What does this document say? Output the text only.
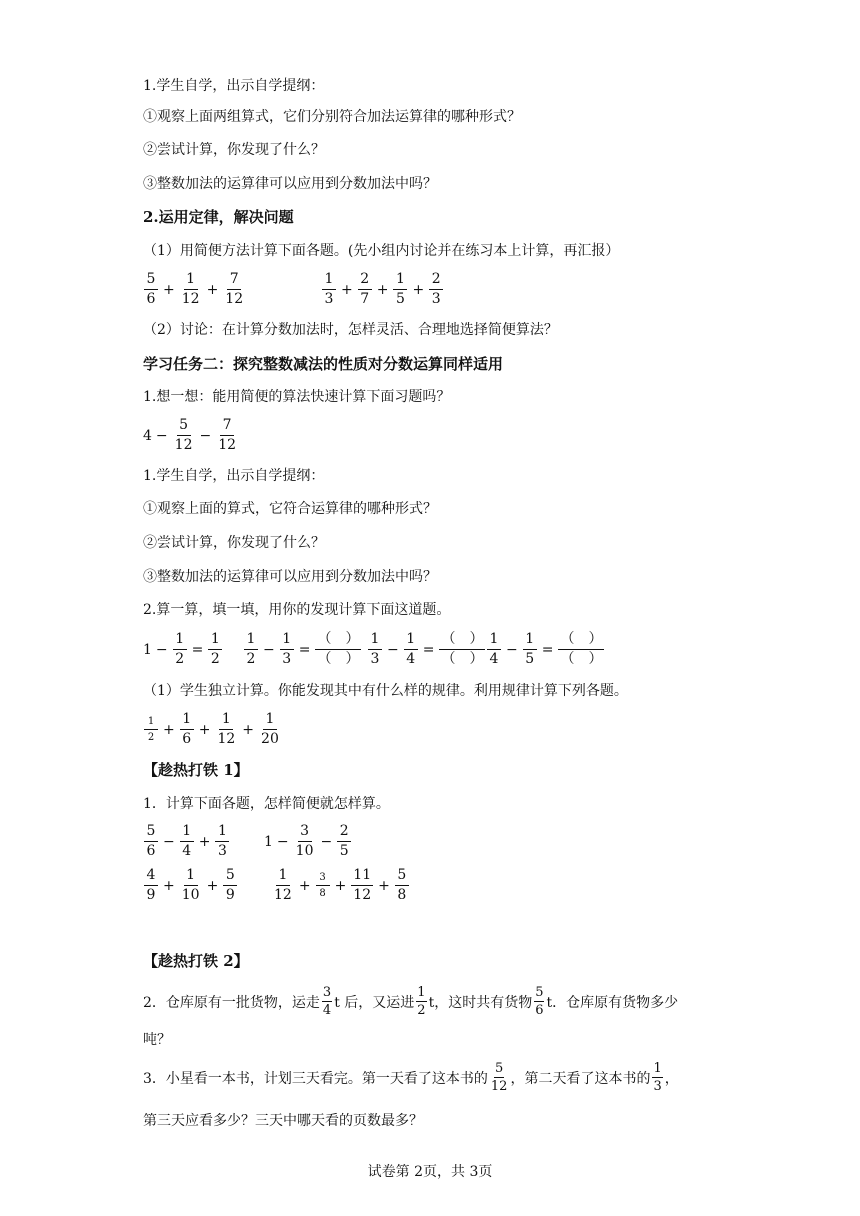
1.学生自学，出示自学提纲：
①观察上面两组算式，它们分别符合加法运算律的哪种形式？
②尝试计算，你发现了什么？
③整数加法的运算律可以应用到分数加法中吗？
2.运用定律，解决问题
（1）用简便方法计算下面各题。(先小组内讨论并在练习本上计算，再汇报）
$\frac{5}{6} + \frac{1}{12} + \frac{7}{12}$	$\frac{1}{3} + \frac{2}{7} + \frac{1}{5} + \frac{2}{3}$
（2）讨论：在计算分数加法时，怎样灵活、合理地选择简便算法？
学习任务二：探究整数减法的性质对分数运算同样适用
1.想一想：能用简便的算法快速计算下面习题吗？
$4 - \frac{5}{12} - \frac{7}{12}$
1.学生自学，出示自学提纲：
①观察上面的算式，它符合运算律的哪种形式？
②尝试计算，你发现了什么？
③整数加法的运算律可以应用到分数加法中吗？
2.算一算，填一填，用你的发现计算下面这道题。
$1 - \frac{1}{2} = \frac{1}{2} \frac{1}{2} - \frac{1}{3} = \frac{( )}{( )} \frac{1}{3} - \frac{1}{4} = \frac{( )}{( )} \frac{1}{4} - \frac{1}{5} = \frac{( )}{( )}$
（1）学生独立计算。你能发现其中有什么样的规律。利用规律计算下列各题。
$\frac{1}{2} + \frac{1}{6} + \frac{1}{12} + \frac{1}{20}$
【趁热打铁 1】
1．计算下面各题，怎样简便就怎样算。
$\frac{5}{6} - \frac{1}{4} + \frac{1}{3} 1 - \frac{3}{10} - \frac{2}{5}$
$\frac{4}{9} + \frac{1}{10} + \frac{5}{9} \frac{1}{12} + \frac{3}{8} + \frac{11}{12} + \frac{5}{8}$
【趁热打铁 2】
2．仓库原有一批货物，运走 $\frac{3}{4}$ t 后，又运进 $\frac{1}{2}$ t，这时共有货物 $\frac{5}{6}$ t．仓库原有货物多少
吨？
3．小星看一本书，计划三天看完。第一天看了这本书的 $\frac{5}{12}$ ，第二天看了这本书的 $\frac{1}{3}$ ，
第三天应看多少？三天中哪天看的页数最多？
试卷第 2页，共 3页
